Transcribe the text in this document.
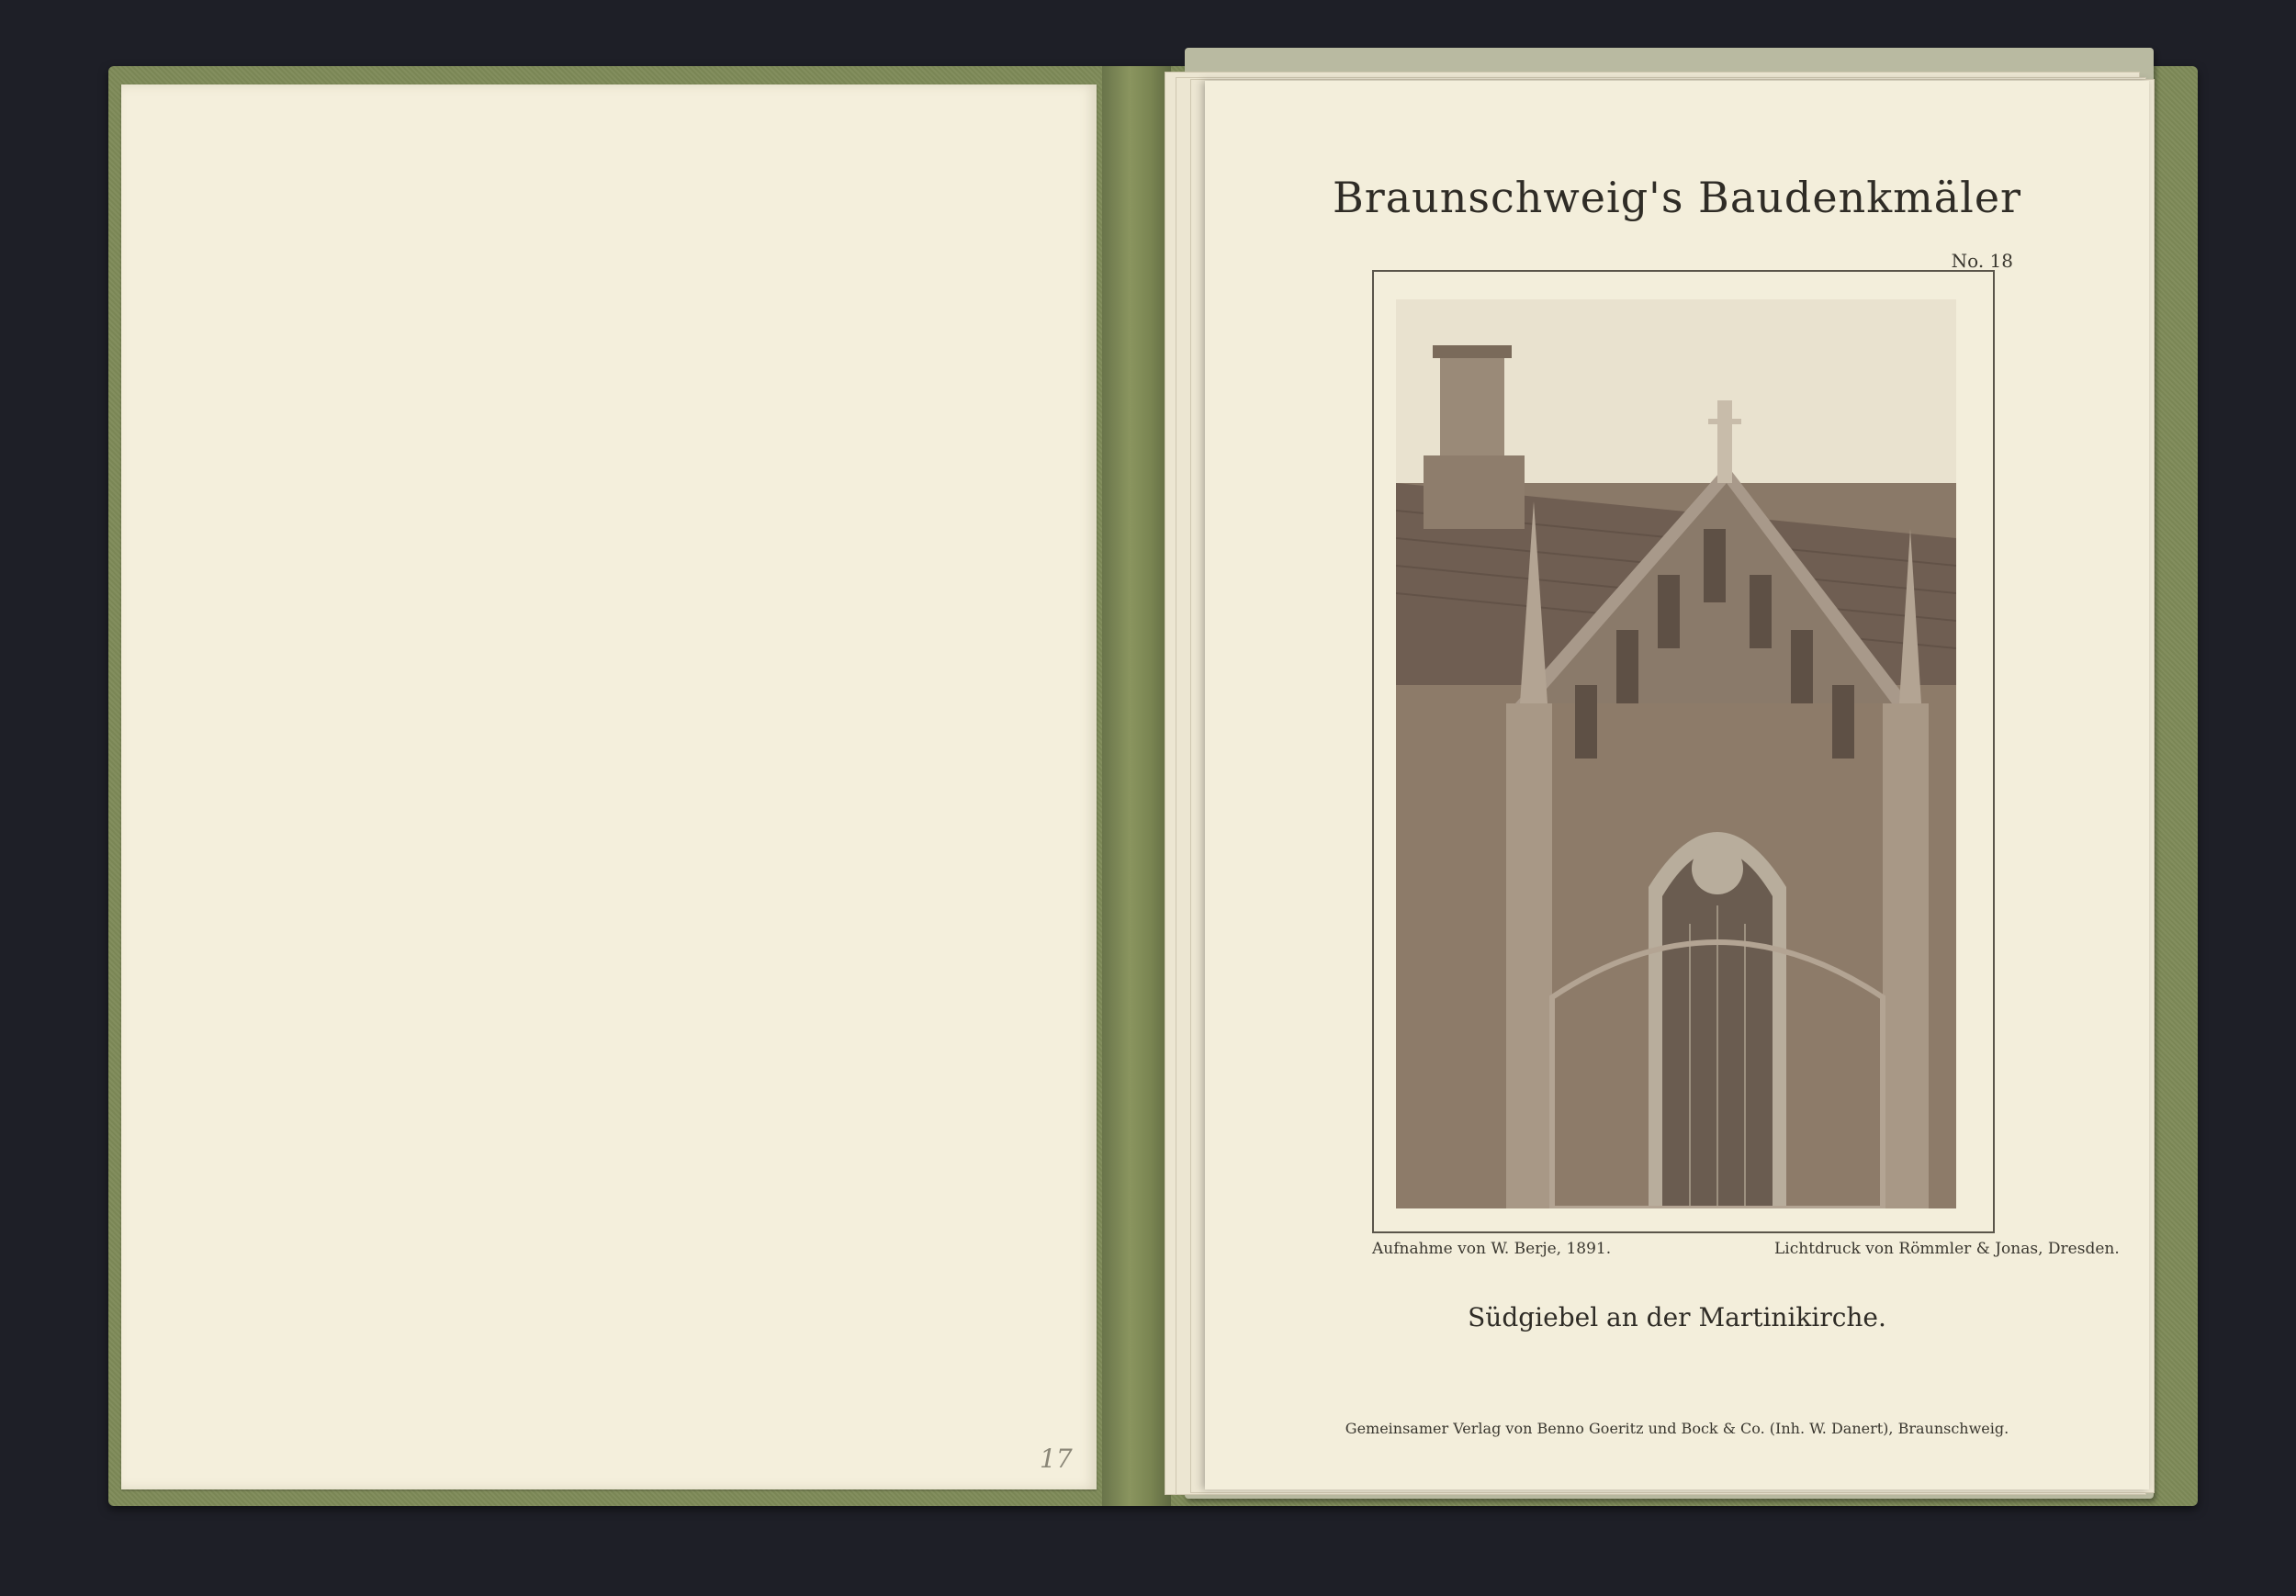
17
Braunschweig's Baudenkmäler
No. 18
Aufnahme von W. Berje, 1891.	Lichtdruck von Römmler & Jonas, Dresden.
Südgiebel an der Martinikirche.
Gemeinsamer Verlag von Benno Goeritz und Bock & Co. (Inh. W. Danert), Braunschweig.
